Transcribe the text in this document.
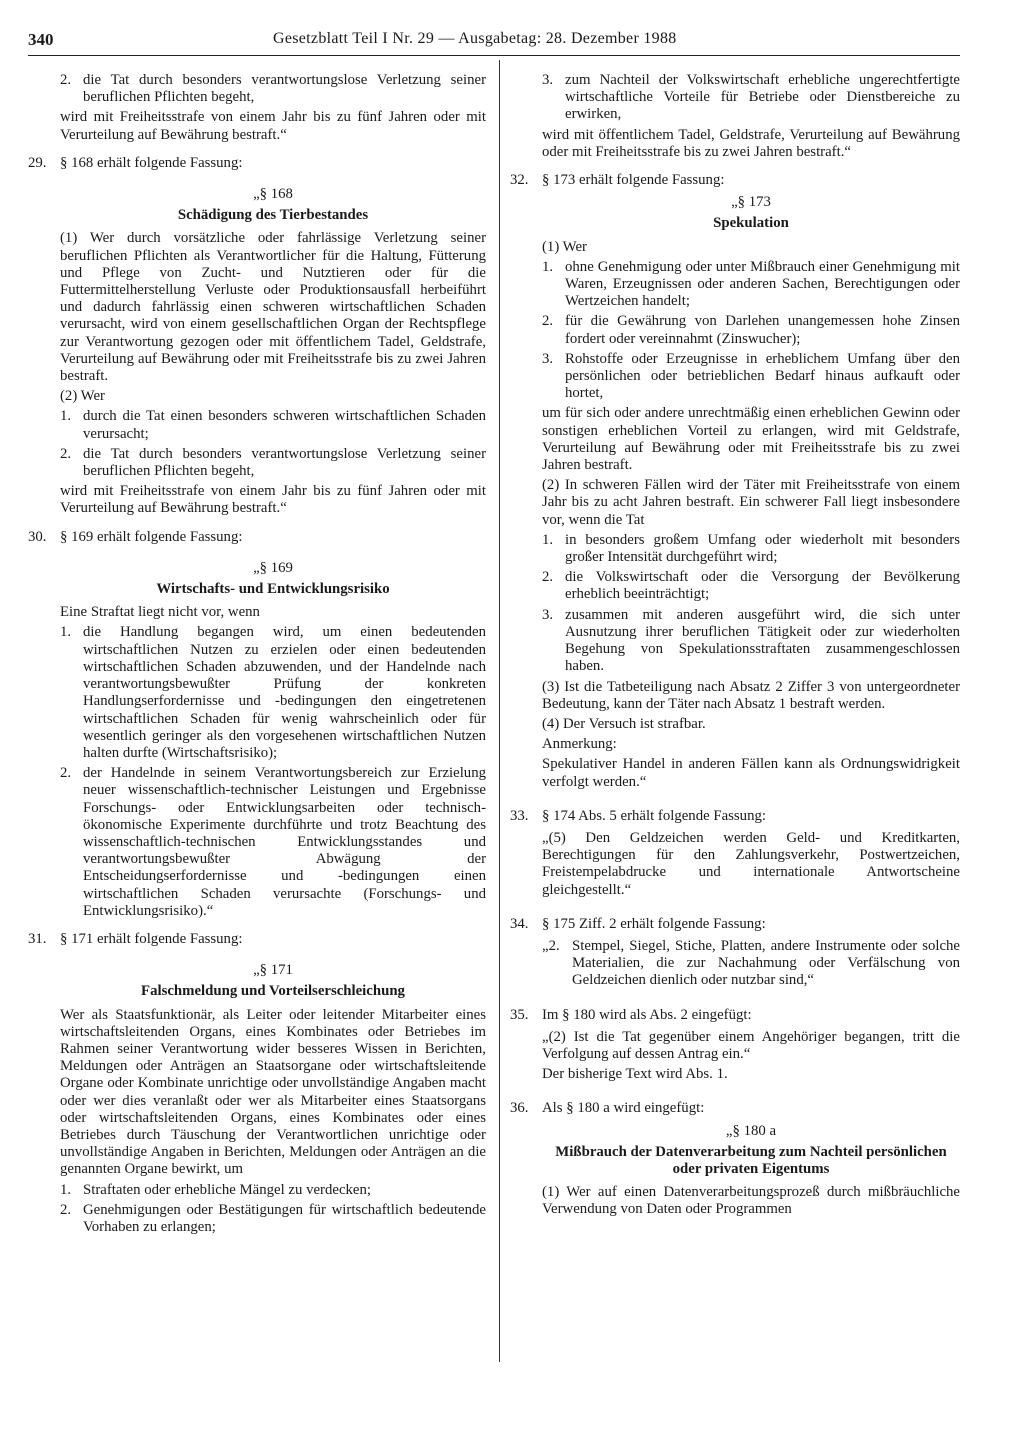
340	Gesetzblatt Teil I Nr. 29 — Ausgabetag: 28. Dezember 1988
2. die Tat durch besonders verantwortungslose Verletzung seiner beruflichen Pflichten begeht,
wird mit Freiheitsstrafe von einem Jahr bis zu fünf Jahren oder mit Verurteilung auf Bewährung bestraft.“
29. § 168 erhält folgende Fassung:
„§ 168
Schädigung des Tierbestandes
(1) Wer durch vorsätzliche oder fahrlässige Verletzung seiner beruflichen Pflichten als Verantwortlicher für die Haltung, Fütterung und Pflege von Zucht- und Nutztieren oder für die Futtermittelherstellung Verluste oder Produktionsausfall herbeiführt und dadurch fahrlässig einen schweren wirtschaftlichen Schaden verursacht, wird von einem gesellschaftlichen Organ der Rechtspflege zur Verantwortung gezogen oder mit öffentlichem Tadel, Geldstrafe, Verurteilung auf Bewährung oder mit Freiheitsstrafe bis zu zwei Jahren bestraft.
(2) Wer
1. durch die Tat einen besonders schweren wirtschaftlichen Schaden verursacht;
2. die Tat durch besonders verantwortungslose Verletzung seiner beruflichen Pflichten begeht,
wird mit Freiheitsstrafe von einem Jahr bis zu fünf Jahren oder mit Verurteilung auf Bewährung bestraft.“
30. § 169 erhält folgende Fassung:
„§ 169
Wirtschafts- und Entwicklungsrisiko
Eine Straftat liegt nicht vor, wenn
1. die Handlung begangen wird, um einen bedeutenden wirtschaftlichen Nutzen zu erzielen oder einen bedeutenden wirtschaftlichen Schaden abzuwenden, und der Handelnde nach verantwortungsbewußter Prüfung der konkreten Handlungserfordernisse und -bedingungen den eingetretenen wirtschaftlichen Schaden für wenig wahrscheinlich oder für wesentlich geringer als den vorgesehenen wirtschaftlichen Nutzen halten durfte (Wirtschaftsrisiko);
2. der Handelnde in seinem Verantwortungsbereich zur Erzielung neuer wissenschaftlich-technischer Leistungen und Ergebnisse Forschungs- oder Entwicklungsarbeiten oder technisch-ökonomische Experimente durchführte und trotz Beachtung des wissenschaftlich-technischen Entwicklungsstandes und verantwortungsbewußter Abwägung der Entscheidungserfordernisse und -bedingungen einen wirtschaftlichen Schaden verursachte (Forschungs- und Entwicklungsrisiko).“
31. § 171 erhält folgende Fassung:
„§ 171
Falschmeldung und Vorteilserschleichung
Wer als Staatsfunktionär, als Leiter oder leitender Mitarbeiter eines wirtschaftsleitenden Organs, eines Kombinates oder Betriebes im Rahmen seiner Verantwortung wider besseres Wissen in Berichten, Meldungen oder Anträgen an Staatsorgane oder wirtschaftsleitende Organe oder Kombinate unrichtige oder unvollständige Angaben macht oder wer dies veranlaßt oder wer als Mitarbeiter eines Staatsorgans oder wirtschaftsleitenden Organs, eines Kombinates oder eines Betriebes durch Täuschung der Verantwortlichen unrichtige oder unvollständige Angaben in Berichten, Meldungen oder Anträgen an die genannten Organe bewirkt, um
1. Straftaten oder erhebliche Mängel zu verdecken;
2. Genehmigungen oder Bestätigungen für wirtschaftlich bedeutende Vorhaben zu erlangen;
3. zum Nachteil der Volkswirtschaft erhebliche ungerechtfertigte wirtschaftliche Vorteile für Betriebe oder Dienstbereiche zu erwirken,
wird mit öffentlichem Tadel, Geldstrafe, Verurteilung auf Bewährung oder mit Freiheitsstrafe bis zu zwei Jahren bestraft.“
32. § 173 erhält folgende Fassung:
„§ 173
Spekulation
(1) Wer
1. ohne Genehmigung oder unter Mißbrauch einer Genehmigung mit Waren, Erzeugnissen oder anderen Sachen, Berechtigungen oder Wertzeichen handelt;
2. für die Gewährung von Darlehen unangemessen hohe Zinsen fordert oder vereinnahmt (Zinswucher);
3. Rohstoffe oder Erzeugnisse in erheblichem Umfang über den persönlichen oder betrieblichen Bedarf hinaus aufkauft oder hortet,
um für sich oder andere unrechtmäßig einen erheblichen Gewinn oder sonstigen erheblichen Vorteil zu erlangen, wird mit Geldstrafe, Verurteilung auf Bewährung oder mit Freiheitsstrafe bis zu zwei Jahren bestraft.
(2) In schweren Fällen wird der Täter mit Freiheitsstrafe von einem Jahr bis zu acht Jahren bestraft. Ein schwerer Fall liegt insbesondere vor, wenn die Tat
1. in besonders großem Umfang oder wiederholt mit besonders großer Intensität durchgeführt wird;
2. die Volkswirtschaft oder die Versorgung der Bevölkerung erheblich beeinträchtigt;
3. zusammen mit anderen ausgeführt wird, die sich unter Ausnutzung ihrer beruflichen Tätigkeit oder zur wiederholten Begehung von Spekulationsstraftaten zusammengeschlossen haben.
(3) Ist die Tatbeteiligung nach Absatz 2 Ziffer 3 von untergeordneter Bedeutung, kann der Täter nach Absatz 1 bestraft werden.
(4) Der Versuch ist strafbar.
Anmerkung:
Spekulativer Handel in anderen Fällen kann als Ordnungswidrigkeit verfolgt werden.“
33. § 174 Abs. 5 erhält folgende Fassung:
„(5) Den Geldzeichen werden Geld- und Kreditkarten, Berechtigungen für den Zahlungsverkehr, Postwertzeichen, Freistempelabdrucke und internationale Antwortscheine gleichgestellt.“
34. § 175 Ziff. 2 erhält folgende Fassung:
„2. Stempel, Siegel, Stiche, Platten, andere Instrumente oder solche Materialien, die zur Nachahmung oder Verfälschung von Geldzeichen dienlich oder nutzbar sind,“
35. Im § 180 wird als Abs. 2 eingefügt:
„(2) Ist die Tat gegenüber einem Angehöriger begangen, tritt die Verfolgung auf dessen Antrag ein.“
Der bisherige Text wird Abs. 1.
36. Als § 180 a wird eingefügt:
„§ 180 a
Mißbrauch der Datenverarbeitung zum Nachteil persönlichen oder privaten Eigentums
(1) Wer auf einen Datenverarbeitungsprozeß durch mißbräuchliche Verwendung von Daten oder Programmen
